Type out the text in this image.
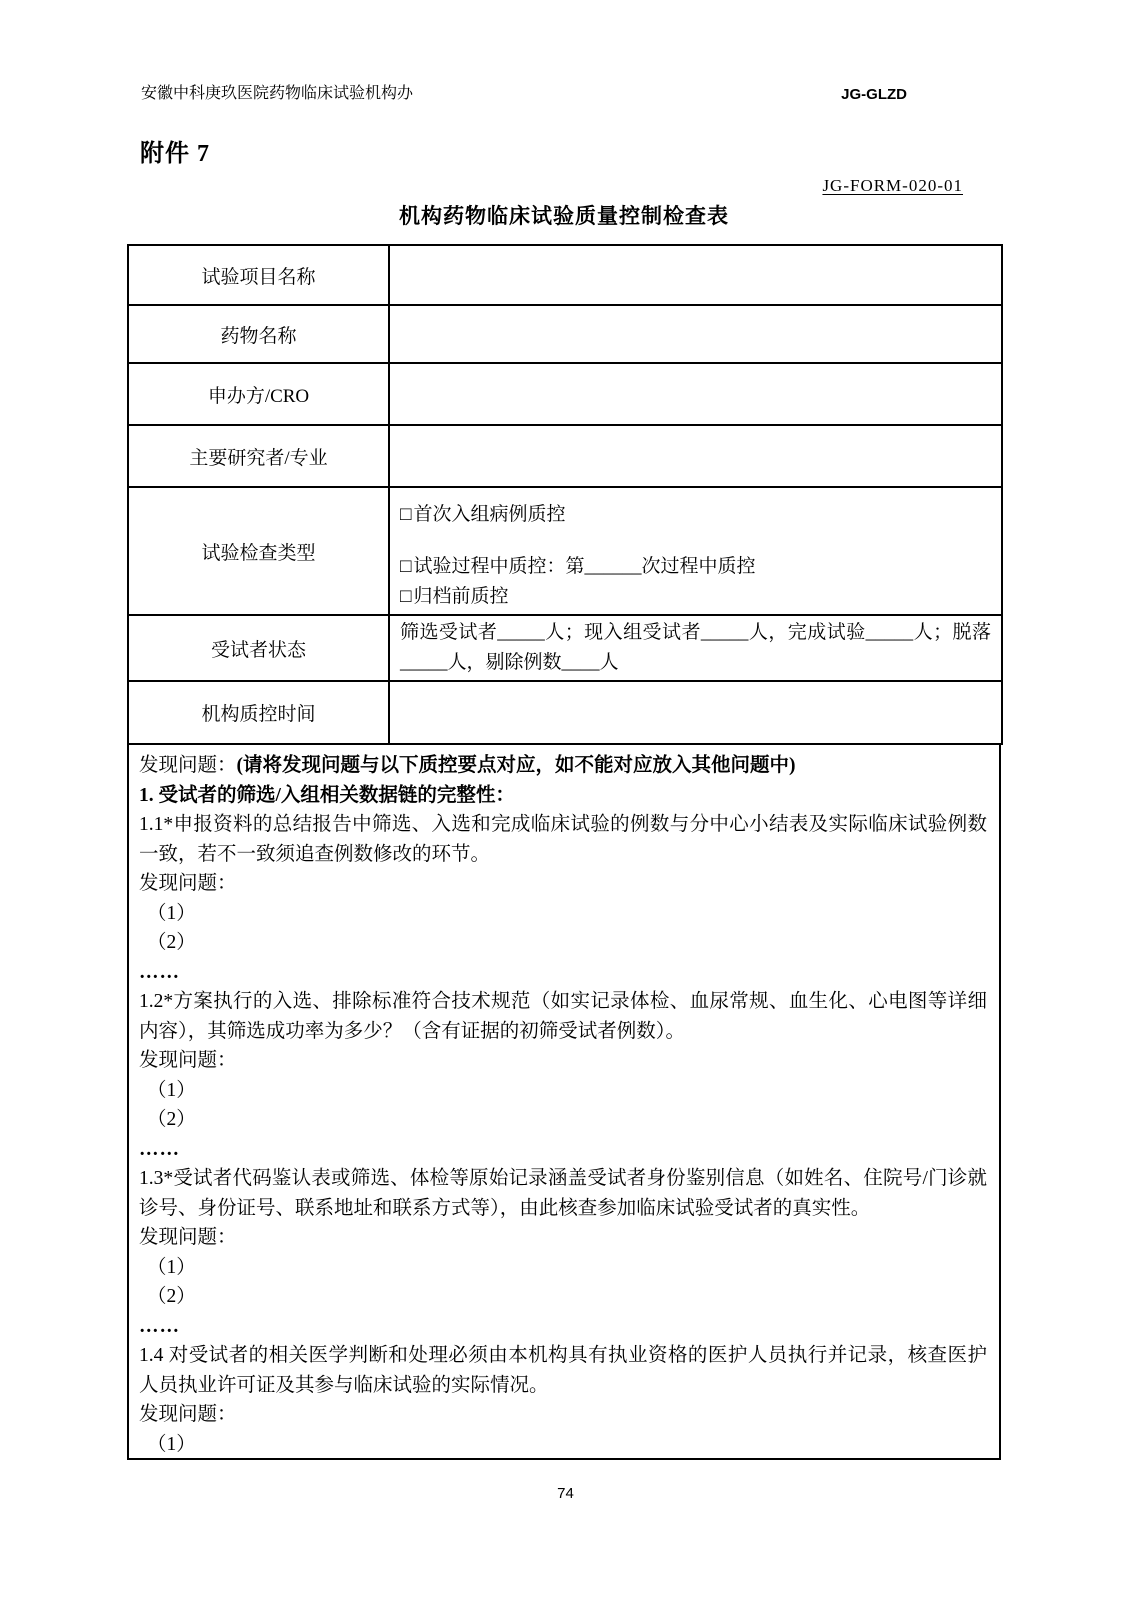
安徽中科庚玖医院药物临床试验机构办	JG-GLZD
附件 7
JG-FORM-020-01
机构药物临床试验质量控制检查表
试验项目名称	
药物名称	
申办方/CRO	
主要研究者/专业	
试验检查类型	□ 首次入组病例质控
□ 试验过程中质控：第______次过程中质控
□ 归档前质控

受试者状态	筛选受试者_____人；现入组受试者_____人，完成试验_____人；脱落_____人，剔除例数____人

机构质控时间	
发现问题：(请将发现问题与以下质控要点对应，如不能对应放入其他问题中)
1. 受试者的筛选/入组相关数据链的完整性：
1.1*申报资料的总结报告中筛选、入选和完成临床试验的例数与分中心小结表及实际临床试验例数一致，若不一致须追查例数修改的环节。
发现问题：
（1）
（2）
……
1.2*方案执行的入选、排除标准符合技术规范（如实记录体检、血尿常规、血生化、心电图等详细内容），其筛选成功率为多少？（含有证据的初筛受试者例数）。
发现问题：
（1）
（2）
……
1.3*受试者代码鉴认表或筛选、体检等原始记录涵盖受试者身份鉴别信息（如姓名、住院号/门诊就诊号、身份证号、联系地址和联系方式等），由此核查参加临床试验受试者的真实性。
发现问题：
（1）
（2）
……
1.4 对受试者的相关医学判断和处理必须由本机构具有执业资格的医护人员执行并记录，核查医护人员执业许可证及其参与临床试验的实际情况。
发现问题：
（1）
74
